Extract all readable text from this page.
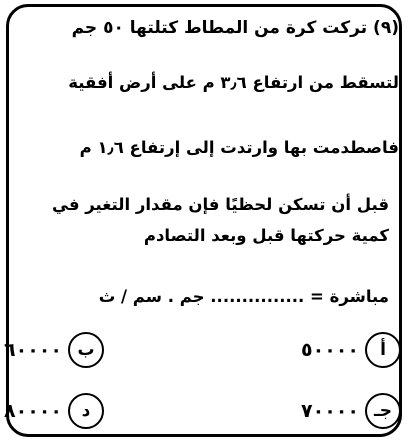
(٩) تركت كرة من المطاط كتلتها ٥٠ جم
لتسقط من ارتفاع ٣٫٦ م على أرض أفقية
فاصطدمت بها وارتدت إلى إرتفاع ١٫٦ م
قبل أن تسكن لحظيًا فإن مقدار التغير في
كمية حركتها قبل وبعد التصادم
مباشرة = ............... جم . سم / ث
٥٠٠٠٠	أ
٦٠٠٠٠ ب
٧٠٠٠٠ جـ
٨٠٠٠٠	د
